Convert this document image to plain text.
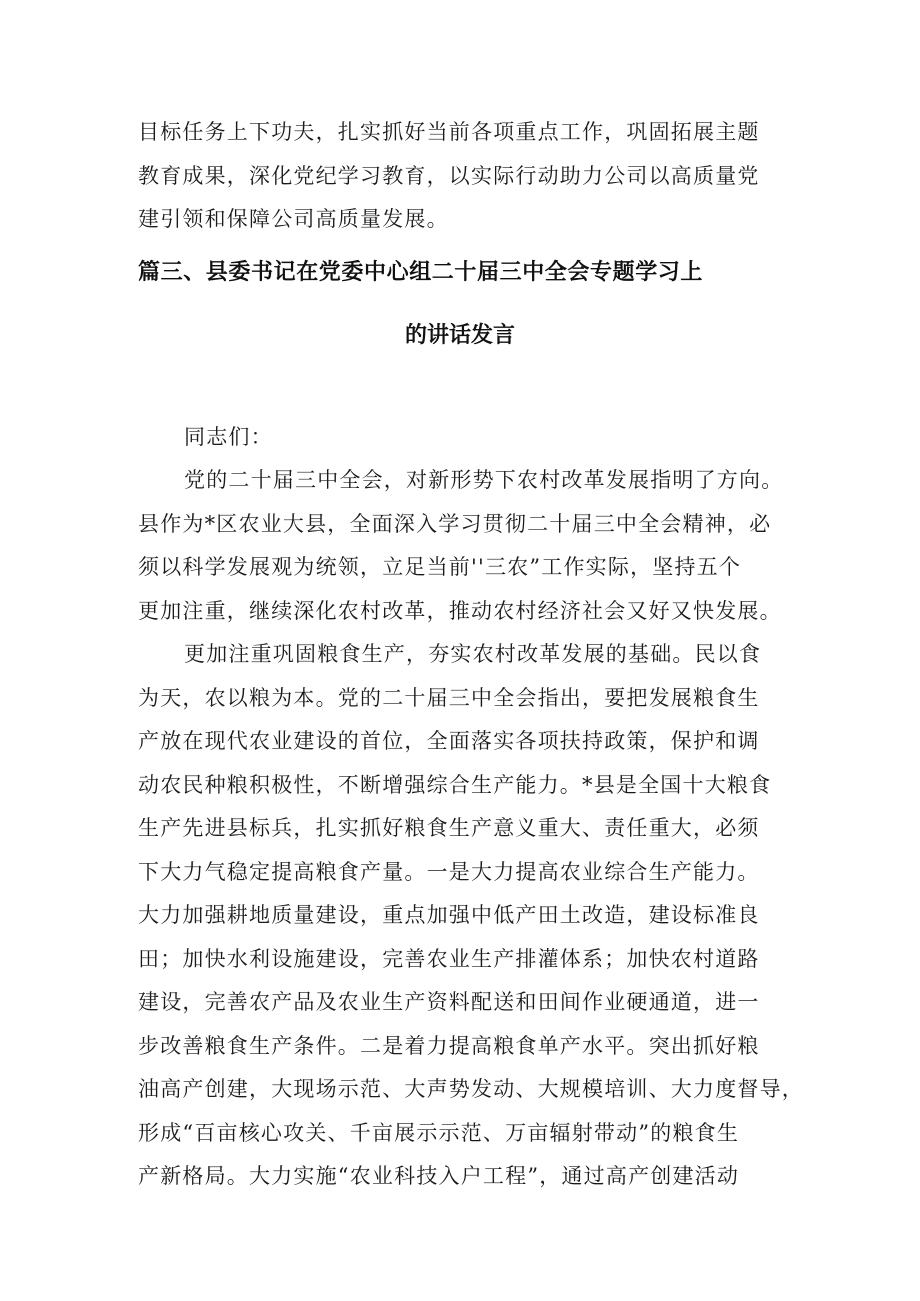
目标任务上下功夫，扎实抓好当前各项重点工作，巩固拓展主题
教育成果，深化党纪学习教育，以实际行动助力公司以高质量党
建引领和保障公司高质量发展。
篇三、县委书记在党委中心组二十届三中全会专题学习上
的讲话发言
同志们：
党的二十届三中全会，对新形势下农村改革发展指明了方向。
县作为*区农业大县，全面深入学习贯彻二十届三中全会精神，必
须以科学发展观为统领，立足当前''三农”工作实际，坚持五个
更加注重，继续深化农村改革，推动农村经济社会又好又快发展。
更加注重巩固粮食生产，夯实农村改革发展的基础。民以食
为天，农以粮为本。党的二十届三中全会指出，要把发展粮食生
产放在现代农业建设的首位，全面落实各项扶持政策，保护和调
动农民种粮积极性，不断增强综合生产能力。*县是全国十大粮食
生产先进县标兵，扎实抓好粮食生产意义重大、责任重大，必须
下大力气稳定提高粮食产量。一是大力提高农业综合生产能力。
大力加强耕地质量建设，重点加强中低产田土改造，建设标准良
田；加快水利设施建设，完善农业生产排灌体系；加快农村道路
建设，完善农产品及农业生产资料配送和田间作业硬通道，进一
步改善粮食生产条件。二是着力提高粮食单产水平。突出抓好粮
油高产创建，大现场示范、大声势发动、大规模培训、大力度督导，
形成“百亩核心攻关、千亩展示示范、万亩辐射带动”的粮食生
产新格局。大力实施“农业科技入户工程”，通过高产创建活动
